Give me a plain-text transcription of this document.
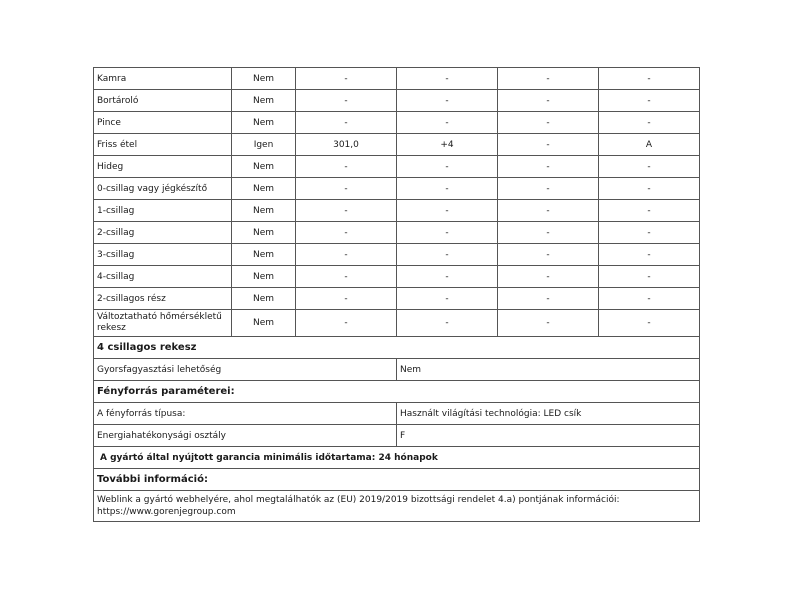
Kamra	Nem	-	-	-	-
Bortároló	Nem	-	-	-	-
Pince	Nem	-	-	-	-
Friss étel	Igen	301,0	+4	-	A
Hideg	Nem	-	-	-	-
0-csillag vagy jégkészítő	Nem	-	-	-	-
1-csillag	Nem	-	-	-	-
2-csillag	Nem	-	-	-	-
3-csillag	Nem	-	-	-	-
4-csillag	Nem	-	-	-	-
2-csillagos rész	Nem	-	-	-	-
Változtatható hőmérsékletű rekesz	Nem	-	-	-	-
4 csillagos rekesz					
Gyorsfagyasztási lehetőség			Nem		
Fényforrás paraméterei:					
A fényforrás típusa:			Használt világítási technológia: LED csík		
Energiahatékonysági osztály			F		
A gyártó által nyújtott garancia minimális időtartama: 24 hónapok					
További információ:					
Weblink a gyártó webhelyére, ahol megtalálhatók az (EU) 2019/2019 bizottsági rendelet 4.a) pontjának információi:
https://www.gorenjegroup.com					
